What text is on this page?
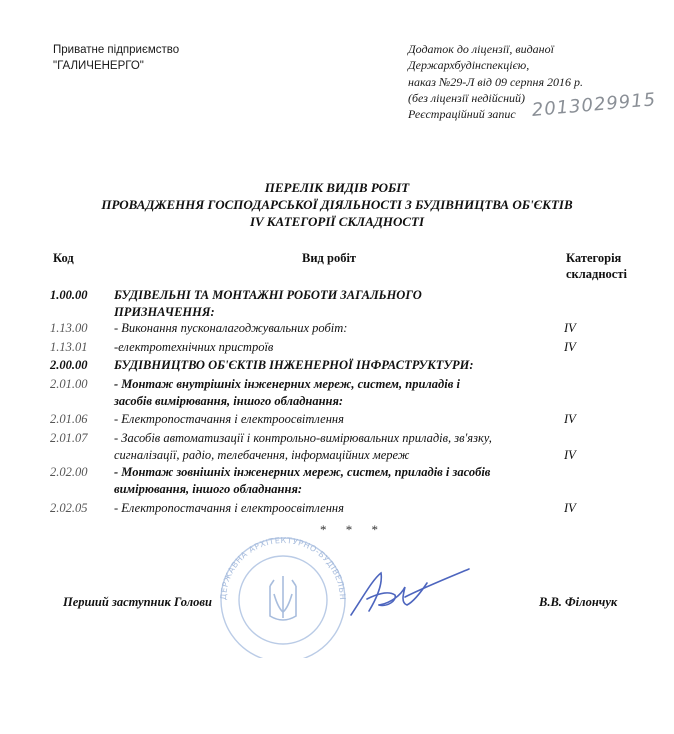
Приватне підприємство
"ГАЛИЧЕНЕРГО"
Додаток до ліцензії, виданої
Держархбудінспекцією,
наказ №29-Л від 09 серпня 2016 р.
(без ліцензії недійсний)
Реєстраційний запис 2013029915
ПЕРЕЛІК ВИДІВ РОБІТ
ПРОВАДЖЕННЯ ГОСПОДАРСЬКОЇ ДІЯЛЬНОСТІ З БУДІВНИЦТВА ОБ'ЄКТІВ
IV КАТЕГОРІЇ СКЛАДНОСТІ
Код	Вид робіт	Категорія
складності
1.00.00 БУДІВЕЛЬНІ ТА МОНТАЖНІ РОБОТИ ЗАГАЛЬНОГО
ПРИЗНАЧЕННЯ:
1.13.00 - Виконання пусконалагоджувальних робіт:	IV
1.13.01 -електротехнічних пристроїв	IV
2.00.00 БУДІВНИЦТВО ОБ'ЄКТІВ ІНЖЕНЕРНОЇ ІНФРАСТРУКТУРИ:
2.01.00 - Монтаж внутрішніх інженерних мереж, систем, приладів і
засобів вимірювання, іншого обладнання:
2.01.06 - Електропостачання і електроосвітлення	IV
2.01.07 - Засобів автоматизації і контрольно-вимірювальних приладів, зв'язку,
сигналізації, радіо, телебачення, інформаційних мереж	IV
2.02.00 - Монтаж зовнішніх інженерних мереж, систем, приладів і засобів
вимірювання, іншого обладнання:
2.02.05 - Електропостачання і електроосвітлення	IV
* * *
ДЕРЖАВНА АРХІТЕКТУРНО-БУДІВЕЛЬН
Перший заступник Голови	В.В. Філончук
